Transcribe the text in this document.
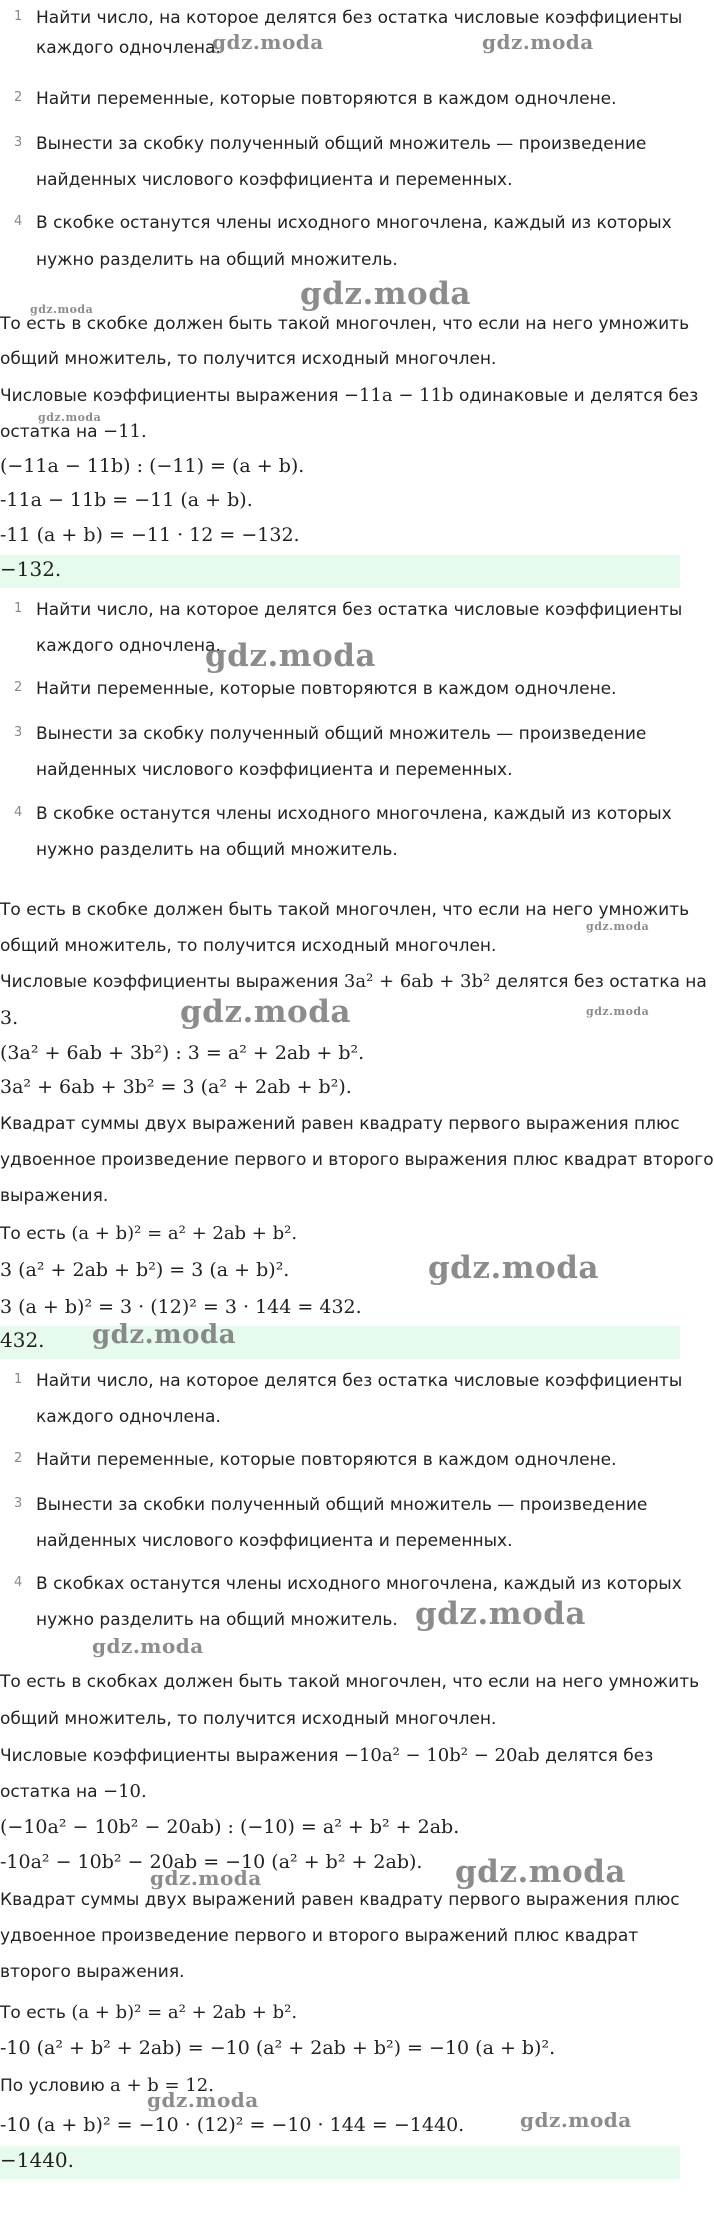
1 Найти число, на которое делятся без остатка числовые коэффициенты
каждого одночлена.
2 Найти переменные, которые повторяются в каждом одночлене.
3 Вынести за скобку полученный общий множитель — произведение
найденных числового коэффициента и переменных.
4 В скобке останутся члены исходного многочлена, каждый из которых
нужно разделить на общий множитель.
То есть в скобке должен быть такой многочлен, что если на него умножить
общий множитель, то получится исходный многочлен.
Числовые коэффициенты выражения −11a − 11b одинаковые и делятся без
остатка на −11.
(−11a − 11b) : (−11) = (a + b).
-11a − 11b = −11 (a + b).
-11 (a + b) = −11 · 12 = −132.
−132.
1 Найти число, на которое делятся без остатка числовые коэффициенты
каждого одночлена.
2 Найти переменные, которые повторяются в каждом одночлене.
3 Вынести за скобку полученный общий множитель — произведение
найденных числового коэффициента и переменных.
4 В скобке останутся члены исходного многочлена, каждый из которых
нужно разделить на общий множитель.
То есть в скобке должен быть такой многочлен, что если на него умножить
общий множитель, то получится исходный многочлен.
Числовые коэффициенты выражения 3a² + 6ab + 3b² делятся без остатка на
3.
(3a² + 6ab + 3b²) : 3 = a² + 2ab + b².
3a² + 6ab + 3b² = 3 (a² + 2ab + b²).
Квадрат суммы двух выражений равен квадрату первого выражения плюс
удвоенное произведение первого и второго выражения плюс квадрат второго
выражения.
То есть (a + b)² = a² + 2ab + b².
3 (a² + 2ab + b²) = 3 (a + b)².
3 (a + b)² = 3 · (12)² = 3 · 144 = 432.
432.
1 Найти число, на которое делятся без остатка числовые коэффициенты
каждого одночлена.
2 Найти переменные, которые повторяются в каждом одночлене.
3 Вынести за скобки полученный общий множитель — произведение
найденных числового коэффициента и переменных.
4 В скобках останутся члены исходного многочлена, каждый из которых
нужно разделить на общий множитель.
То есть в скобках должен быть такой многочлен, что если на него умножить
общий множитель, то получится исходный многочлен.
Числовые коэффициенты выражения −10a² − 10b² − 20ab делятся без
остатка на −10.
(−10a² − 10b² − 20ab) : (−10) = a² + b² + 2ab.
-10a² − 10b² − 20ab = −10 (a² + b² + 2ab).
Квадрат суммы двух выражений равен квадрату первого выражения плюс
удвоенное произведение первого и второго выражений плюс квадрат
второго выражения.
То есть (a + b)² = a² + 2ab + b².
-10 (a² + b² + 2ab) = −10 (a² + 2ab + b²) = −10 (a + b)².
По условию a + b = 12.
-10 (a + b)² = −10 · (12)² = −10 · 144 = −1440.
−1440.
gdz.moda	gdz.moda
gdz.moda
gdz.moda
gdz.moda
gdz.moda
gdz.moda
gdz.moda	gdz.moda
gdz.moda
gdz.moda
gdz.moda
gdz.moda
gdz.moda
gdz.moda
gdz.moda
gdz.moda
